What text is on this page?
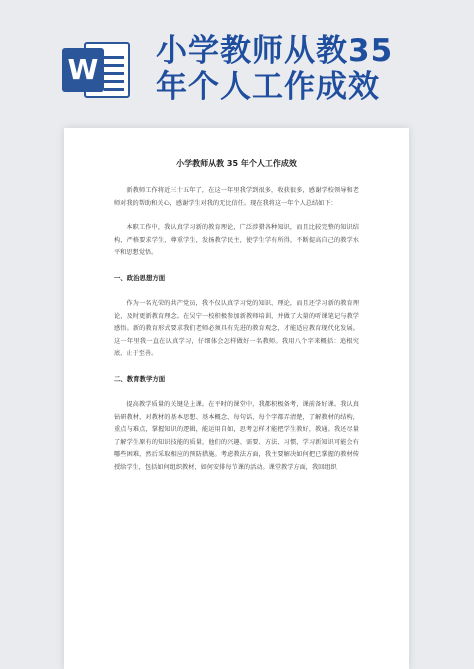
W
小学教师从教35
年个人工作成效
小学教师从教 35 年个人工作成效

新教师工作将近三十五年了，在这一年里我学到很多，收获很多，感谢学校领导和老师对我的帮助和关心，感谢学生对我的无比信任。现在我将这一年个人总结如下：

本职工作中，我认真学习新的教育理论，广泛涉猎各种知识，而且比较完整的知识结构，严格要求学生，尊重学生，发扬教学民主，使学生学有所得，不断提高自己的教学水平和思想觉悟。

一、政治思想方面

作为一名光荣的共产党员，我不仅认真学习党的知识、理论，而且还学习新的教育理论，及时更新教育理念。在吴宁一校积极参加新教师培训，并做了大量的听课笔记与教学感悟。新的教育形式要求我们老师必须具有先进的教育观念，才能适应教育现代化发展。这一年里我一直在认真学习，仔细体会怎样做好一名教师。我用八个字来概括：追根究底，止于至善。

二、教育教学方面

提高教学质量的关键是上课。在平时的课堂中，我都积极备考，课前备好课。我认真钻研教材，对教材的基本思想、基本概念、每句话、每个字都弄清楚，了解教材的结构，重点与难点，掌握知识的逻辑，能运用自如，思考怎样才能把学生教好，教通。我还尽量了解学生原有的知识技能的质量，他们的兴趣、需要、方法、习惯，学习新知识可能会有哪些困难，然后采取相应的预防措施。考虑教法方面，我主要解决如何把已掌握的教材传授给学生，包括如何组织教材，如何安排每节课的活动。课堂教学方面，我回组织
